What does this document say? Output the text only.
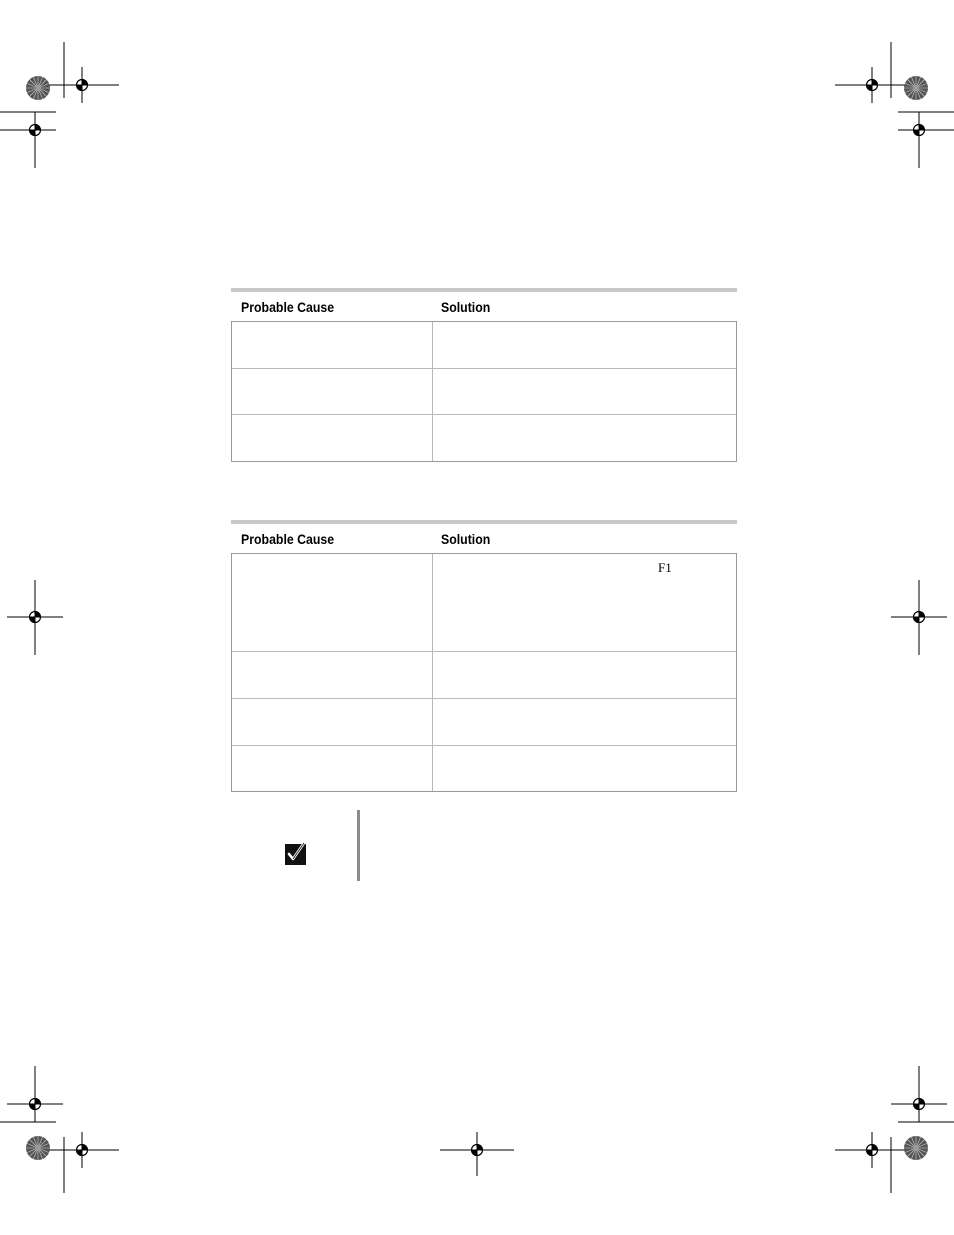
Probable Cause	Solution
Probable Cause	Solution
F1
